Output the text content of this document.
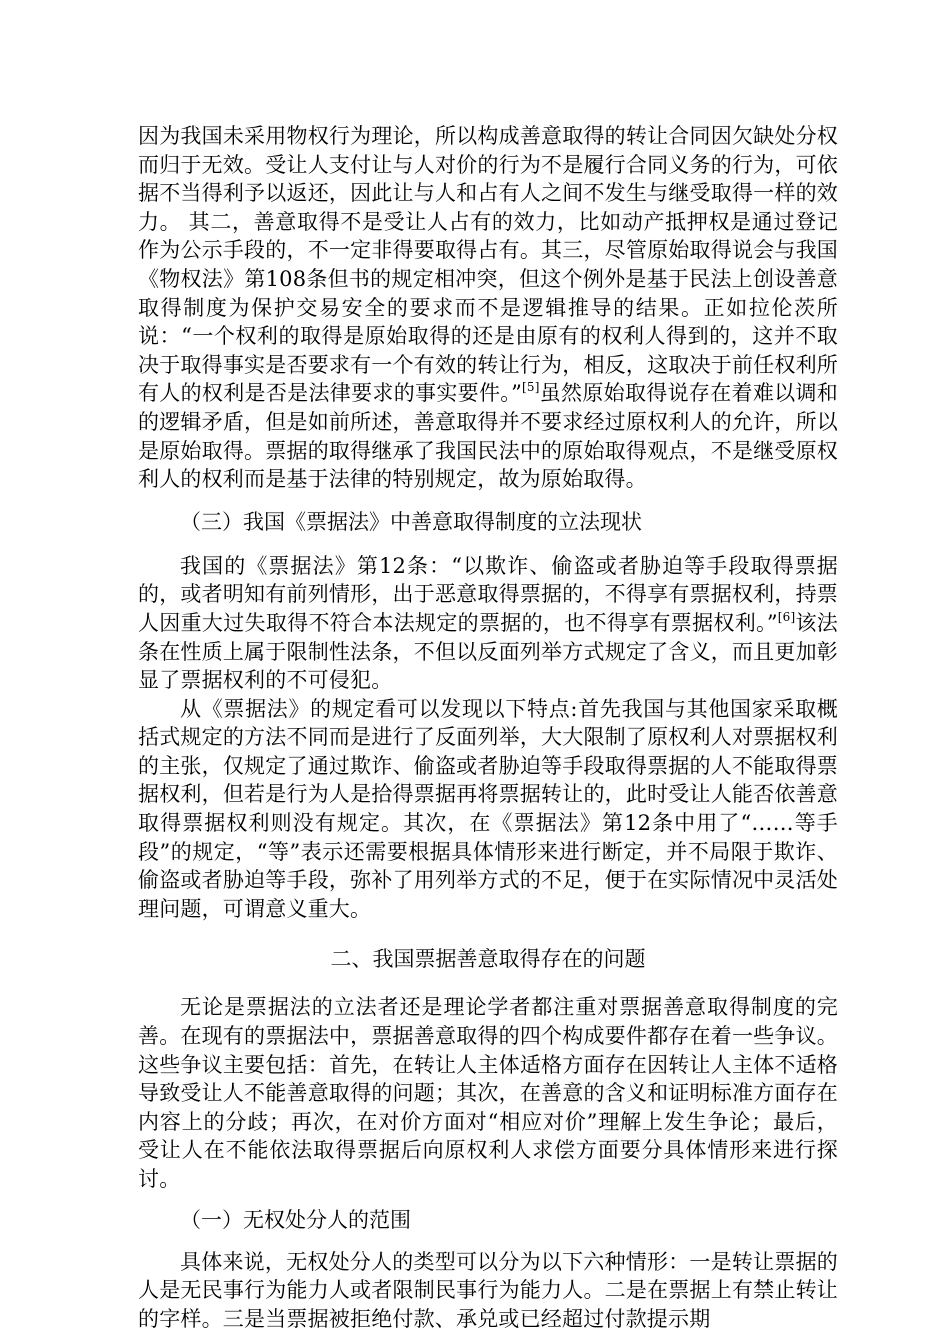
因为我国未采用物权行为理论，所以构成善意取得的转让合同因欠缺处分权而归于无效。受让人支付让与人对价的行为不是履行合同义务的行为，可依据不当得利予以返还，因此让与人和占有人之间不发生与继受取得一样的效力。 其二，善意取得不是受让人占有的效力，比如动产抵押权是通过登记作为公示手段的，不一定非得要取得占有。其三，尽管原始取得说会与我国《物权法》第108条但书的规定相冲突，但这个例外是基于民法上创设善意取得制度为保护交易安全的要求而不是逻辑推导的结果。正如拉伦茨所说：“一个权利的取得是原始取得的还是由原有的权利人得到的，这并不取决于取得事实是否要求有一个有效的转让行为，相反，这取决于前任权利所有人的权利是否是法律要求的事实要件。”[5]虽然原始取得说存在着难以调和的逻辑矛盾，但是如前所述，善意取得并不要求经过原权利人的允许，所以是原始取得。票据的取得继承了我国民法中的原始取得观点，不是继受原权利人的权利而是基于法律的特别规定，故为原始取得。

（三）我国《票据法》中善意取得制度的立法现状

我国的《票据法》第12条：“以欺诈、偷盗或者胁迫等手段取得票据的，或者明知有前列情形，出于恶意取得票据的，不得享有票据权利，持票人因重大过失取得不符合本法规定的票据的，也不得享有票据权利。”[6]该法条在性质上属于限制性法条，不但以反面列举方式规定了含义，而且更加彰显了票据权利的不可侵犯。

从《票据法》的规定看可以发现以下特点:首先我国与其他国家采取概括式规定的方法不同而是进行了反面列举，大大限制了原权利人对票据权利的主张，仅规定了通过欺诈、偷盗或者胁迫等手段取得票据的人不能取得票据权利，但若是行为人是拾得票据再将票据转让的，此时受让人能否依善意取得票据权利则没有规定。其次，在《票据法》第12条中用了“……等手段”的规定，“等”表示还需要根据具体情形来进行断定，并不局限于欺诈、偷盗或者胁迫等手段，弥补了用列举方式的不足，便于在实际情况中灵活处理问题，可谓意义重大。

二、我国票据善意取得存在的问题

无论是票据法的立法者还是理论学者都注重对票据善意取得制度的完善。在现有的票据法中，票据善意取得的四个构成要件都存在着一些争议。这些争议主要包括：首先，在转让人主体适格方面存在因转让人主体不适格导致受让人不能善意取得的问题；其次，在善意的含义和证明标准方面存在内容上的分歧；再次，在对价方面对“相应对价”理解上发生争论；最后，受让人在不能依法取得票据后向原权利人求偿方面要分具体情形来进行探讨。

（一）无权处分人的范围

具体来说，无权处分人的类型可以分为以下六种情形：一是转让票据的人是无民事行为能力人或者限制民事行为能力人。二是在票据上有禁止转让的字样。三是当票据被拒绝付款、承兑或已经超过付款提示期
